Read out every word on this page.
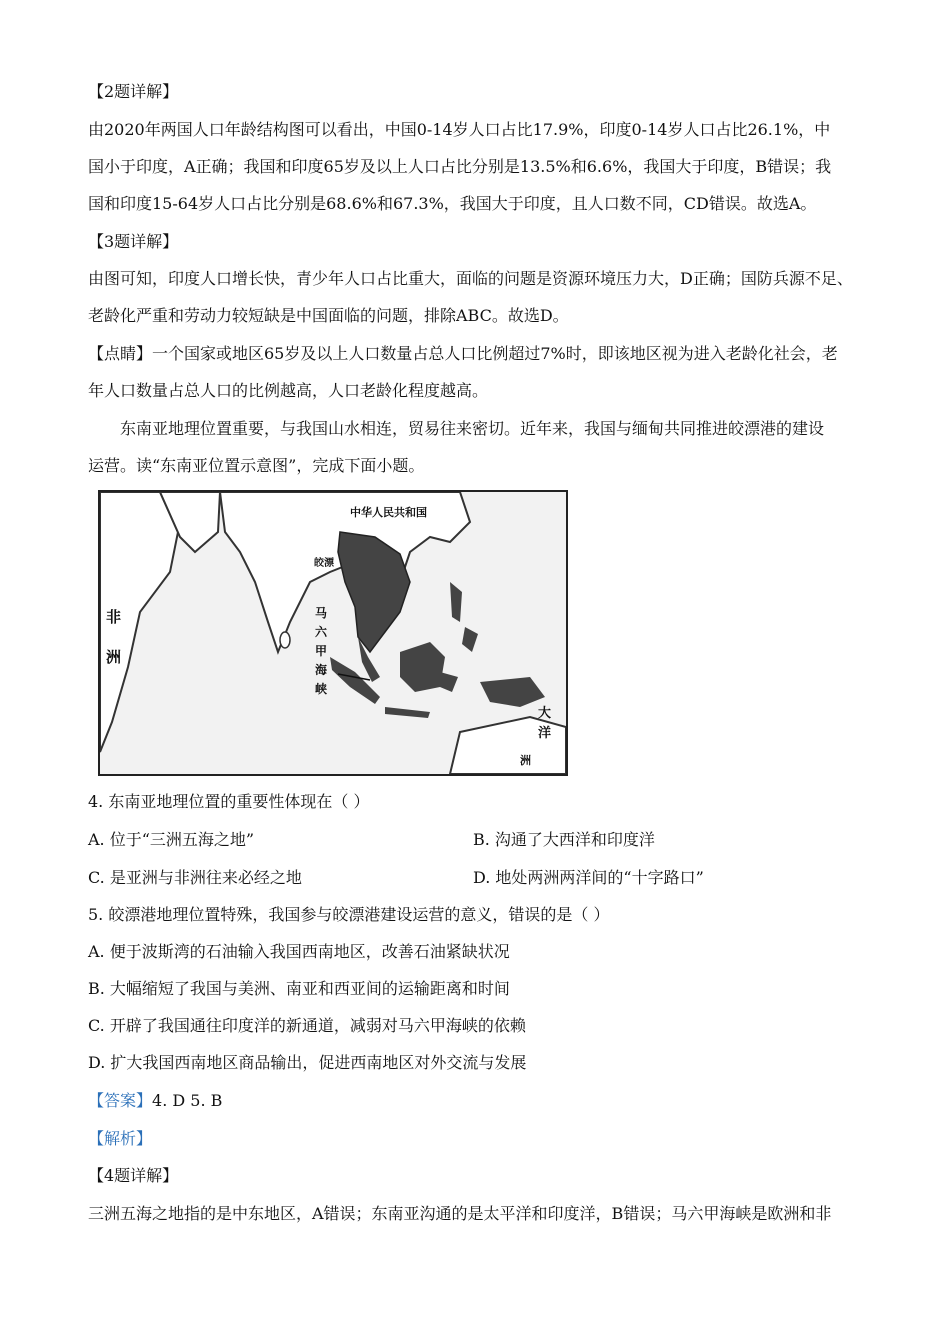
【2题详解】
由2020年两国人口年龄结构图可以看出，中国0-14岁人口占比17.9%，印度0-14岁人口占比26.1%，中
国小于印度，A正确；我国和印度65岁及以上人口占比分别是13.5%和6.6%，我国大于印度，B错误；我
国和印度15-64岁人口占比分别是68.6%和67.3%，我国大于印度，且人口数不同，CD错误。故选A。
【3题详解】
由图可知，印度人口增长快，青少年人口占比重大，面临的问题是资源环境压力大，D正确；国防兵源不足、
老龄化严重和劳动力较短缺是中国面临的问题，排除ABC。故选D。
【点睛】一个国家或地区65岁及以上人口数量占总人口比例超过7%时，即该地区视为进入老龄化社会，老
年人口数量占总人口的比例越高，人口老龄化程度越高。
东南亚地理位置重要，与我国山水相连，贸易往来密切。近年来，我国与缅甸共同推进皎漂港的建设
运营。读“东南亚位置示意图”，完成下面小题。
中华人民共和国
皎漂
马
六
甲
海
峡
非
洲
大
洋
洲
4. 东南亚地理位置的重要性体现在（ ）
A. 位于“三洲五海之地”	B. 沟通了大西洋和印度洋
C. 是亚洲与非洲往来必经之地	D. 地处两洲两洋间的“十字路口”
5. 皎漂港地理位置特殊，我国参与皎漂港建设运营的意义，错误的是（ ）
A. 便于波斯湾的石油输入我国西南地区，改善石油紧缺状况
B. 大幅缩短了我国与美洲、南亚和西亚间的运输距离和时间
C. 开辟了我国通往印度洋的新通道，减弱对马六甲海峡的依赖
D. 扩大我国西南地区商品输出，促进西南地区对外交流与发展
【答案】4. D 5. B
【解析】
【4题详解】
三洲五海之地指的是中东地区，A错误；东南亚沟通的是太平洋和印度洋，B错误；马六甲海峡是欧洲和非
